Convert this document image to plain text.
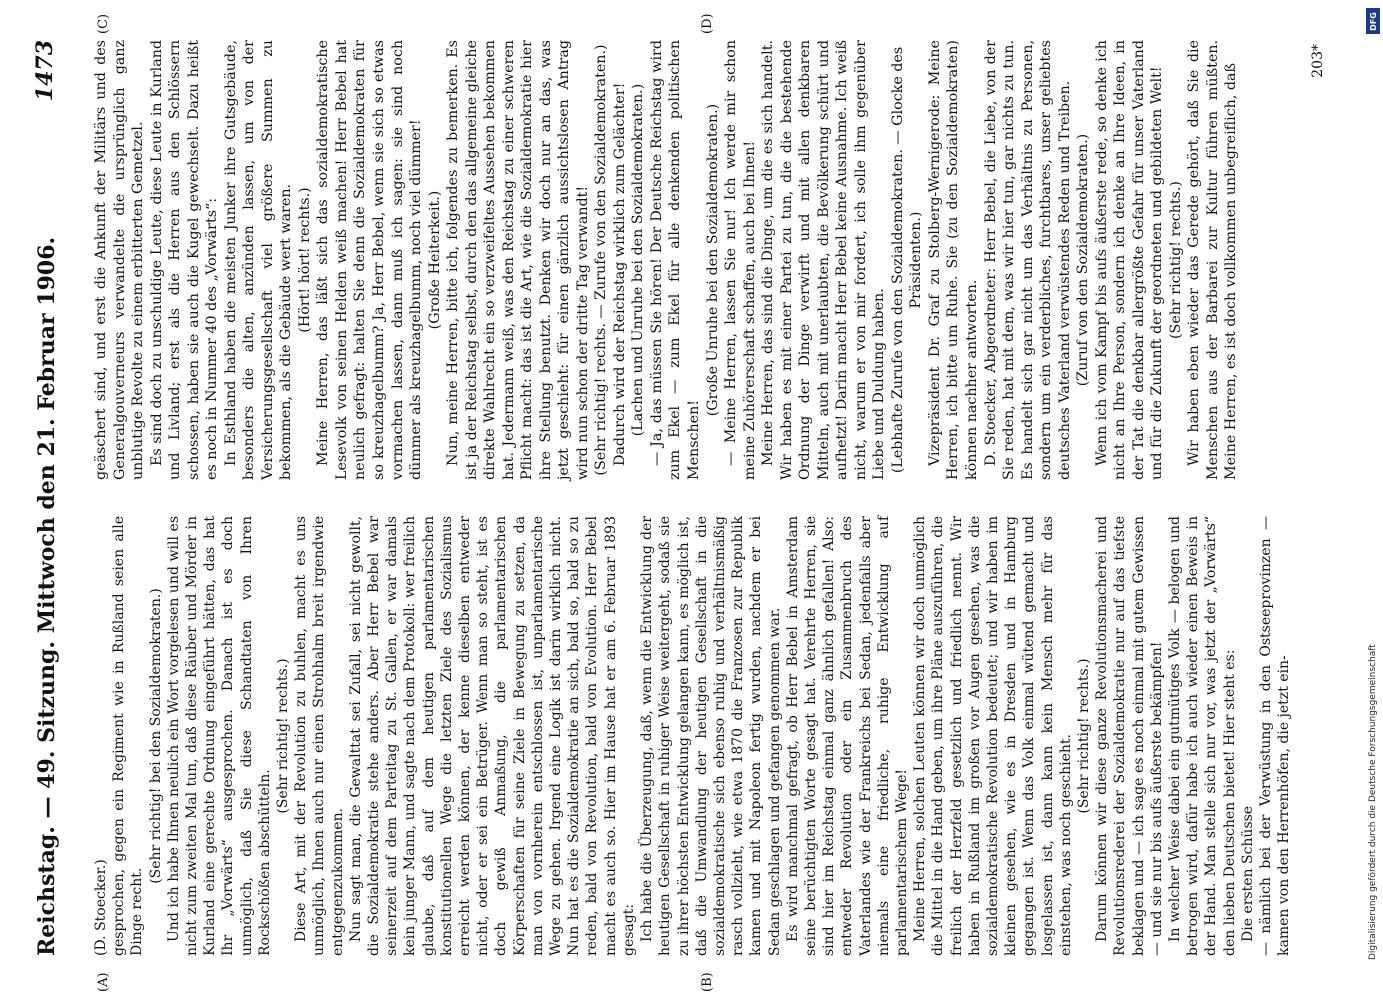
Reichstag. — 49. Sitzung. Mittwoch den 21. Februar 1906.
1473

(D. Stoecker.) gesprochen, gegen ein Regiment wie in Rußland seien alle Dinge recht.

(Sehr richtig! bei den Sozialdemokraten.) Und ich habe Ihnen neulich ein Wort vorgelesen und will es nicht zum zweiten Mal tun, daß diese Räuber und Mörder in Kurland eine gerechte Ordnung eingeführt hätten, das hat Ihr „Vorwärts“ ausgesprochen. Danach ist es doch unmöglich, daß Sie diese Schandtaten von Ihren Rockschößen abschütteln.

(Sehr richtig! rechts.) Diese Art, mit der Revolution zu buhlen, macht es uns unmöglich, Ihnen auch nur einen Strohhalm breit irgendwie entgegenzukommen. Nun sagt man, die Gewalttat sei Zufall, sei nicht gewollt, die Sozialdemokratie stehe anders. Aber Herr Bebel war seinerzeit auf dem Parteitag zu St. Gallen, er war damals kein junger Mann, und sagte nach dem Protokoll: wer freilich glaube, daß auf dem heutigen parlamentarischen konstitutionellen Wege die letzten Ziele des Sozialismus erreicht werden können, der kenne dieselben entweder nicht, oder er sei ein Betrüger. Wenn man so steht, ist es doch gewiß Anmaßung, die parlamentarischen Körperschaften für seine Ziele in Bewegung zu setzen, da man von vornherein entschlossen ist, unparlamentarische Wege zu gehen. Irgend eine Logik ist darin wirklich nicht. Nun hat es die Sozialdemokratie an sich, bald so, bald so zu reden, bald von Revolution, bald von Evolution. Herr Bebel macht es auch so. Hier im Hause hat er am 6. Februar 1893 gesagt: Ich habe die Überzeugung, daß, wenn die Entwicklung der heutigen Gesellschaft in ruhiger Weise weitergeht, sodaß sie zu ihrer höchsten Entwicklung gelangen kann, es möglich ist, daß die Umwandlung der heutigen Gesellschaft in die sozialdemokratische sich ebenso ruhig und verhältnismäßig rasch vollzieht, wie etwa 1870 die Franzosen zur Republik kamen und mit Napoleon fertig wurden, nachdem er bei Sedan geschlagen und gefangen genommen war. Es wird manchmal gefragt, ob Herr Bebel in Amsterdam seine berüchtigten Worte gesagt hat. Verehrte Herren, sie sind hier im Reichstag einmal ganz ähnlich gefallen! Also: entweder Revolution oder ein Zusammenbruch des Vaterlandes wie der Frankreichs bei Sedan, jedenfalls aber niemals eine friedliche, ruhige Entwicklung auf parlamentarischem Wege! Meine Herren, solchen Leuten können wir doch unmöglich die Mittel in die Hand geben, um ihre Pläne auszuführen, die freilich der Herzfeld gesetzlich und friedlich nennt. Wir haben in Rußland im großen vor Augen gesehen, was die sozialdemokratische Revolution bedeutet; und wir haben im kleinen gesehen, wie es in Dresden und in Hamburg gegangen ist. Wenn das Volk einmal wütend gemacht und losgelassen ist, dann kann kein Mensch mehr für das einstehen, was noch geschieht. (Sehr richtig! rechts.) Darum können wir diese ganze Revolutionsmacherei und Revolutionsrederei der Sozialdemokratie nur auf das tiefste beklagen und — ich sage es noch einmal mit gutem Gewissen — und sie nur bis aufs äußerste bekämpfen! In welcher Weise dabei ein gutmütiges Volk — belogen und betrogen wird, dafür habe ich auch wieder einen Beweis in der Hand. Man stelle sich nur vor, was jetzt der „Vorwärts“ den lieben Deutschen bietet! Hier steht es: Die ersten Schüsse — nämlich bei der Verwüstung in den Ostseeprovinzen — kamen von den Herrenhöfen, die jetzt ein-

geäschert sind, und erst die Ankunft der Militärs und des Generalgouverneurs verwandelte die ursprünglich ganz unblutige Revolte zu einem erbitterten Gemetzel. Es sind doch zu unschuldige Leute, diese Leute in Kurland und Livland; erst als die Herren aus den Schlössern schossen, haben sie auch die Kugel gewechselt. Dazu heißt es noch in Nummer 40 des „Vorwärts“: In Esthland haben die meisten Junker ihre Gutsgebäude, besonders die alten, anzünden lassen, um von der Versicherungsgesellschaft viel größere Summen zu bekommen, als die Gebäude wert waren. (Hört! hört! rechts.) Meine Herren, das läßt sich das sozialdemokratische Lesevolk von seinen Helden weiß machen! Herr Bebel hat neulich gefragt: halten Sie denn die Sozialdemokraten für so kreuzhagelbumm? Ja, Herr Bebel, wenn sie sich so etwas vormachen lassen, dann muß ich sagen: sie sind noch dümmer als kreuzhagelbumm, noch viel dümmer! (Große Heiterkeit.) Nun, meine Herren, bitte ich, folgendes zu bemerken. Es ist ja der Reichstag selbst, durch den das allgemeine gleiche direkte Wahlrecht ein so verzweifeltes Aussehen bekommen hat. Jedermann weiß, was den Reichstag zu einer schweren Pflicht macht: das ist die Art, wie die Sozialdemokratie hier ihre Stellung benutzt. Denken wir doch nur an das, was jetzt geschieht: für einen gänzlich aussichtslosen Antrag wird nun schon der dritte Tag verwandt! (Sehr richtig! rechts. — Zurufe von den Sozialdemokraten.) Dadurch wird der Reichstag wirklich zum Gelächter! (Lachen und Unruhe bei den Sozialdemokraten.) — Ja, das müssen Sie hören! Der Deutsche Reichstag wird zum Ekel — zum Ekel für alle denkenden politischen Menschen!

(Große Unruhe bei den Sozialdemokraten.) — Meine Herren, lassen Sie nur! Ich werde mir schon meine Zuhörerschaft schaffen, auch bei Ihnen! Meine Herren, das sind die Dinge, um die es sich handelt. Wir haben es mit einer Partei zu tun, die die bestehende Ordnung der Dinge verwirft und mit allen denkbaren Mitteln, auch mit unerlaubten, die Bevölkerung schürt und aufhetzt! Darin macht Herr Bebel keine Ausnahme. Ich weiß nicht, warum er von mir fordert, ich solle ihm gegenüber Liebe und Duldung haben. (Lebhafte Zurufe von den Sozialdemokraten. — Glocke des Präsidenten.) Vizepräsident Dr. Graf zu Stolberg-Wernigerode: Meine Herren, ich bitte um Ruhe. Sie (zu den Sozialdemokraten) können nachher antworten. D. Stoecker, Abgeordneter: Herr Bebel, die Liebe, von der Sie reden, hat mit dem, was wir hier tun, gar nichts zu tun. Es handelt sich gar nicht um das Verhältnis zu Personen, sondern um ein verderbliches, furchtbares, unser geliebtes deutsches Vaterland verwüstendes Reden und Treiben. (Zuruf von den Sozialdemokraten.) Wenn ich vom Kampf bis aufs äußerste rede, so denke ich nicht an Ihre Person, sondern ich denke an Ihre Ideen, in der Tat die denkbar allergrößte Gefahr für unser Vaterland und für die Zukunft der geordneten und gebildeten Welt! (Sehr richtig! rechts.) Wir haben eben wieder das Gerede gehört, daß Sie die Menschen aus der Barbarei zur Kultur führen müßten. Meine Herren, es ist doch vollkommen unbegreiflich, daß

(A)	(B)
(C)	(D)
203*
Digitalisierung gefördert durch die Deutsche Forschungsgemeinschaft
DFG
